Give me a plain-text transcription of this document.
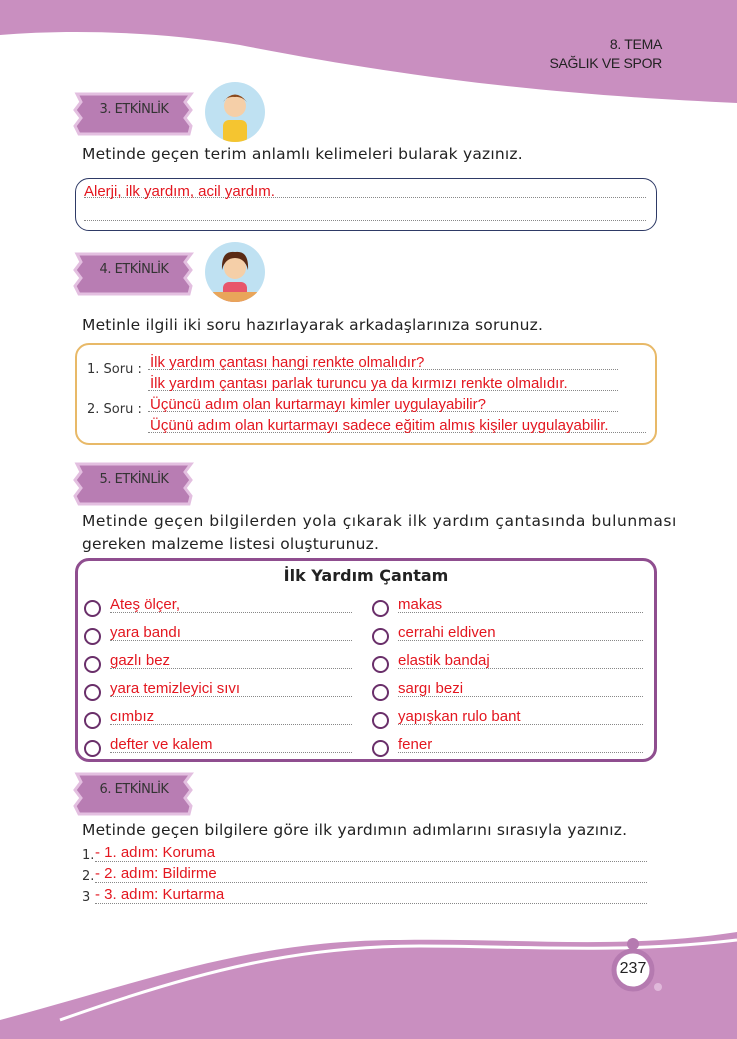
8. TEMA
SAĞLIK VE SPOR
3. ETKİNLİK
Metinde geçen terim anlamlı kelimeleri bularak yazınız.
Alerji, ilk yardım, acil yardım.
4. ETKİNLİK
Metinle ilgili iki soru hazırlayarak arkadaşlarınıza sorunuz.
1. Soru :
2. Soru :
İlk yardım çantası hangi renkte olmalıdır?
İlk yardım çantası parlak turuncu ya da kırmızı renkte olmalıdır.
Üçüncü adım olan kurtarmayı kimler uygulayabilir?
Üçünü adım olan kurtarmayı sadece eğitim almış kişiler uygulayabilir.
5. ETKİNLİK
Metinde geçen bilgilerden yola çıkarak ilk yardım çantasında bulunması
gereken malzeme listesi oluşturunuz.
İlk Yardım Çantam
Ateş ölçer,
yara bandı
gazlı bez
yara temizleyici sıvı
cımbız
defter ve kalem
makas
cerrahi eldiven
elastik bandaj
sargı bezi
yapışkan rulo bant
fener
6. ETKİNLİK
Metinde geçen bilgilere göre ilk yardımın adımlarını sırasıyla yazınız.
1. - 1. adım: Koruma
2. - 2. adım: Bildirme
3 - 3. adım: Kurtarma
237
